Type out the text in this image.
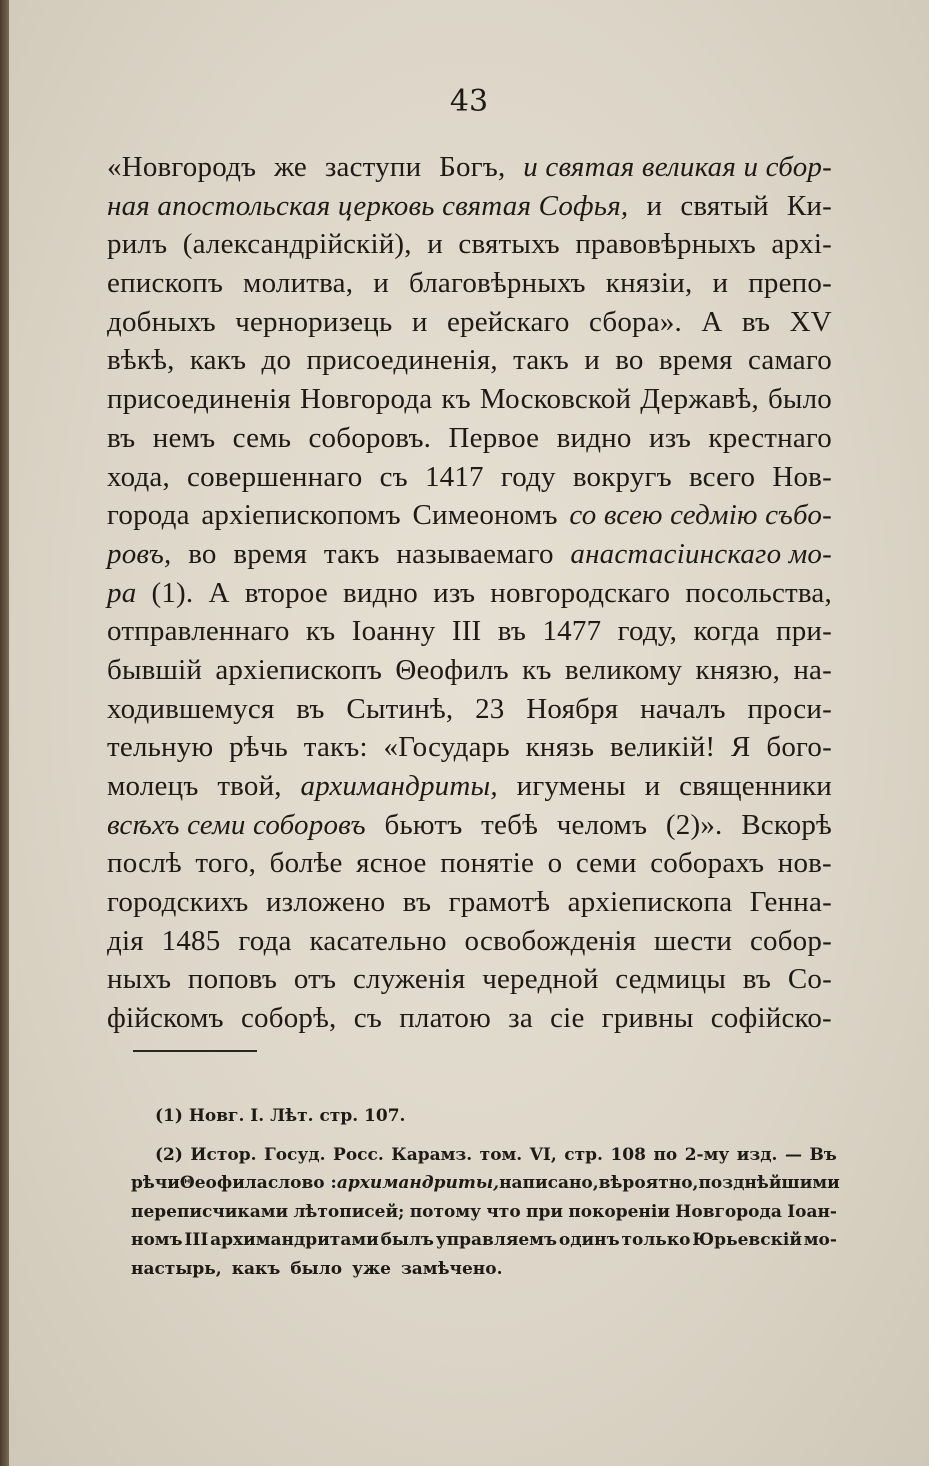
43
«Новгородъ же заступи Богъ, и святая великая и сбор-
ная апостольская церковь святая Софья, и святый Ки-
рилъ (александрійскій), и святыхъ правовѣрныхъ архі-
епископъ молитва, и благовѣрныхъ князіи, и препо-
добныхъ черноризець и ерейскаго сбора». А въ XV
вѣкѣ, какъ до присоединенія, такъ и во время самаго
присоединенія Новгорода къ Московской Державѣ, было
въ немъ семь соборовъ. Первое видно изъ крестнаго
хода, совершеннаго съ 1417 году вокругъ всего Нов-
города архіепископомъ Симеономъ со всею седмію събо-
ровъ, во время такъ называемаго анастасіинскаго мо-
ра (1). А второе видно изъ новгородскаго посольства,
отправленнаго къ Іоанну III въ 1477 году, когда при-
бывшій архіепископъ Θеофилъ къ великому князю, на-
ходившемуся въ Сытинѣ, 23 Ноября началъ проси-
тельную рѣчь такъ: «Государь князь великій! Я бого-
молецъ твой, архимандриты, игумены и священники
всѣхъ семи соборовъ бьютъ тебѣ челомъ (2)». Вскорѣ
послѣ того, болѣе ясное понятіе о семи соборахъ нов-
городскихъ изложено въ грамотѣ архіепископа Генна-
дія 1485 года касательно освобожденія шести собор-
ныхъ поповъ отъ служенія чередной седмицы въ Со-
фійскомъ соборѣ, съ платою за сіе гривны софійско-
(1) Новг. I. Лѣт. стр. 107.
(2) Истор. Госуд. Росс. Карамз. том. VI, стр. 108 по 2-му изд. — Въ
рѣчи Θеофила слово : архимандриты, написано, вѣроятно, позднѣйшими
переписчиками лѣтописей; потому что при покореніи Новгорода Іоан-
номъ III архимандритами былъ управляемъ одинъ только Юрьевскій мо-
настырь, какъ было уже замѣчено.
